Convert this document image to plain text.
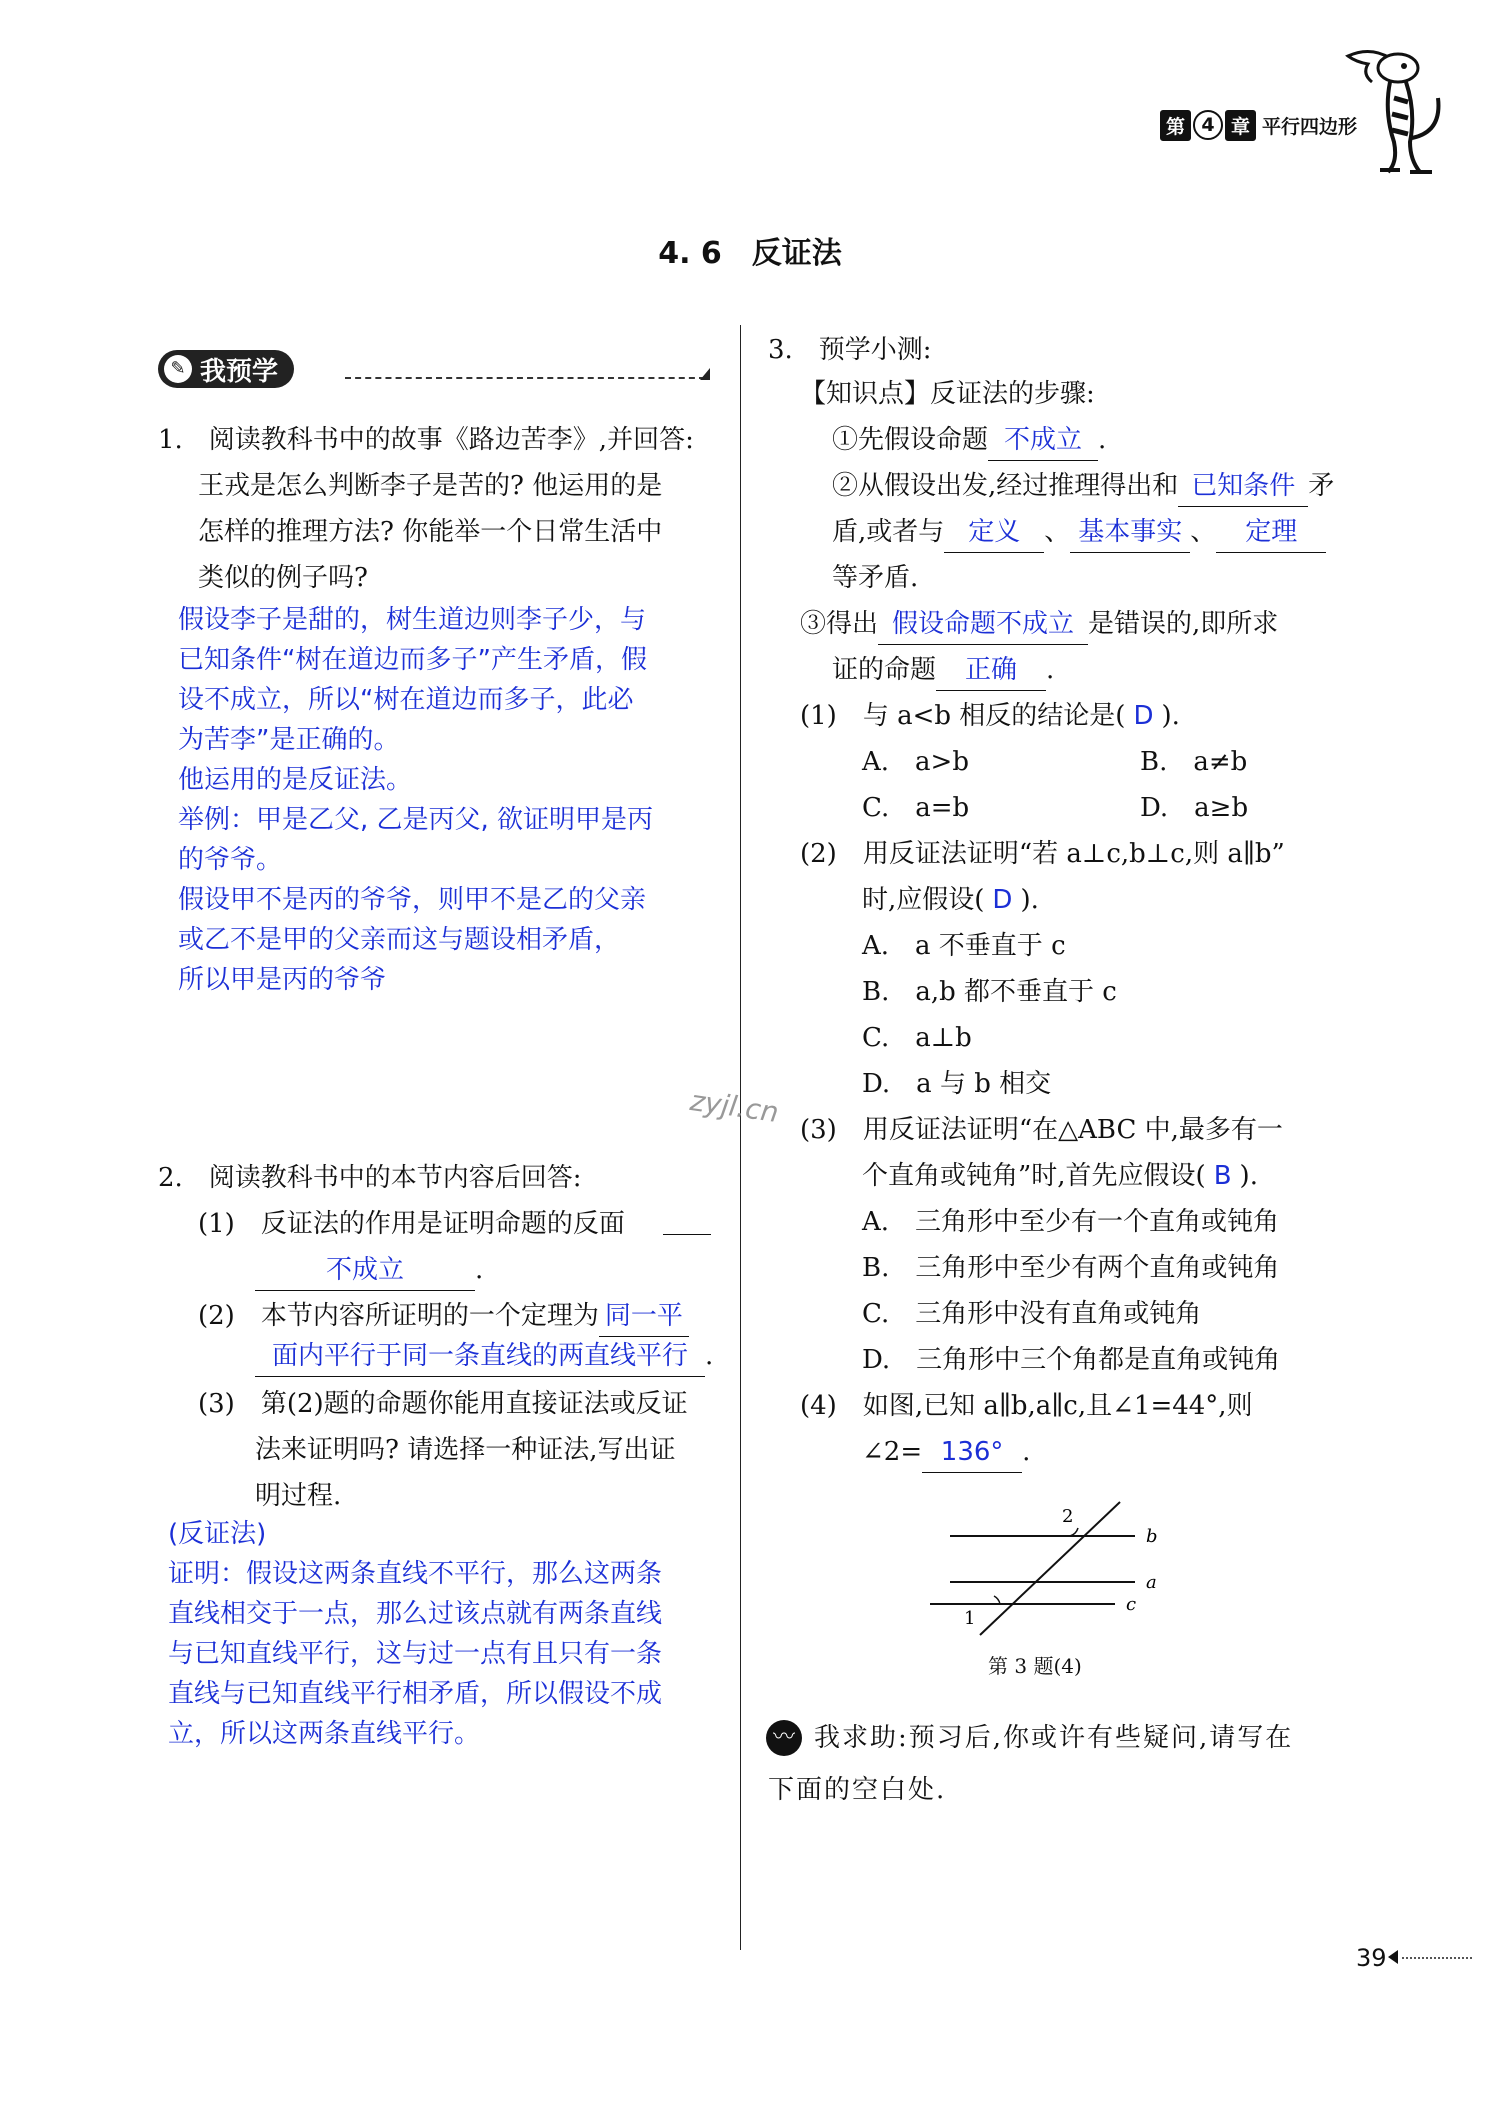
第 4 章 平行四边形
4. 6　反证法
✎ 我预学
1.　阅读教科书中的故事《路边苦李》,并回答:
王戎是怎么判断李子是苦的? 他运用的是
怎样的推理方法? 你能举一个日常生活中
类似的例子吗?
假设李子是甜的，树生道边则李子少，与
已知条件“树在道边而多子”产生矛盾，假
设不成立，所以“树在道边而多子，此必
为苦李”是正确的。
他运用的是反证法。
举例：甲是乙父, 乙是丙父, 欲证明甲是丙
的爷爷。
假设甲不是丙的爷爷，则甲不是乙的父亲
或乙不是甲的父亲而这与题设相矛盾，
所以甲是丙的爷爷
zyjl.cn
2.　阅读教科书中的本节内容后回答:
(1)　反证法的作用是证明命题的反面
不成立	.
(2)　本节内容所证明的一个定理为 同一平
面内平行于同一条直线的两直线平行 .
(3)　第(2)题的命题你能用直接证法或反证
法来证明吗? 请选择一种证法,写出证
明过程.
(反证法)
证明：假设这两条直线不平行，那么这两条
直线相交于一点，那么过该点就有两条直线
与已知直线平行，这与过一点有且只有一条
直线与已知直线平行相矛盾，所以假设不成
立，所以这两条直线平行。
3.　预学小测:
【知识点】反证法的步骤:
①先假设命题 不成立 .
②从假设出发,经过推理得出和 已知条件 矛
盾,或者与 定义 、 基本事实 、 定理
等矛盾.
③得出 假设命题不成立 是错误的,即所求
证的命题 正确 .
(1)　与 a<b 相反的结论是( D ).
A.　a>b	B.　a≠b
C.　a=b	D.　a≥b
(2)　用反证法证明“若 a⊥c,b⊥c,则 a∥b”
时,应假设( D ).
A.　a 不垂直于 c
B.　a,b 都不垂直于 c
C.　a⊥b
D.　a 与 b 相交
(3)　用反证法证明“在△ABC 中,最多有一
个直角或钝角”时,首先应假设( B ).
A.　三角形中至少有一个直角或钝角
B.　三角形中至少有两个直角或钝角
C.　三角形中没有直角或钝角
D.　三角形中三个角都是直角或钝角
(4)　如图,已知 a∥b,a∥c,且∠1=44°,则
∠2= 136° .
2
1
b
a
c
第 3 题(4)
〰 我求助:预习后,你或许有些疑问,请写在
下面的空白处.
39
